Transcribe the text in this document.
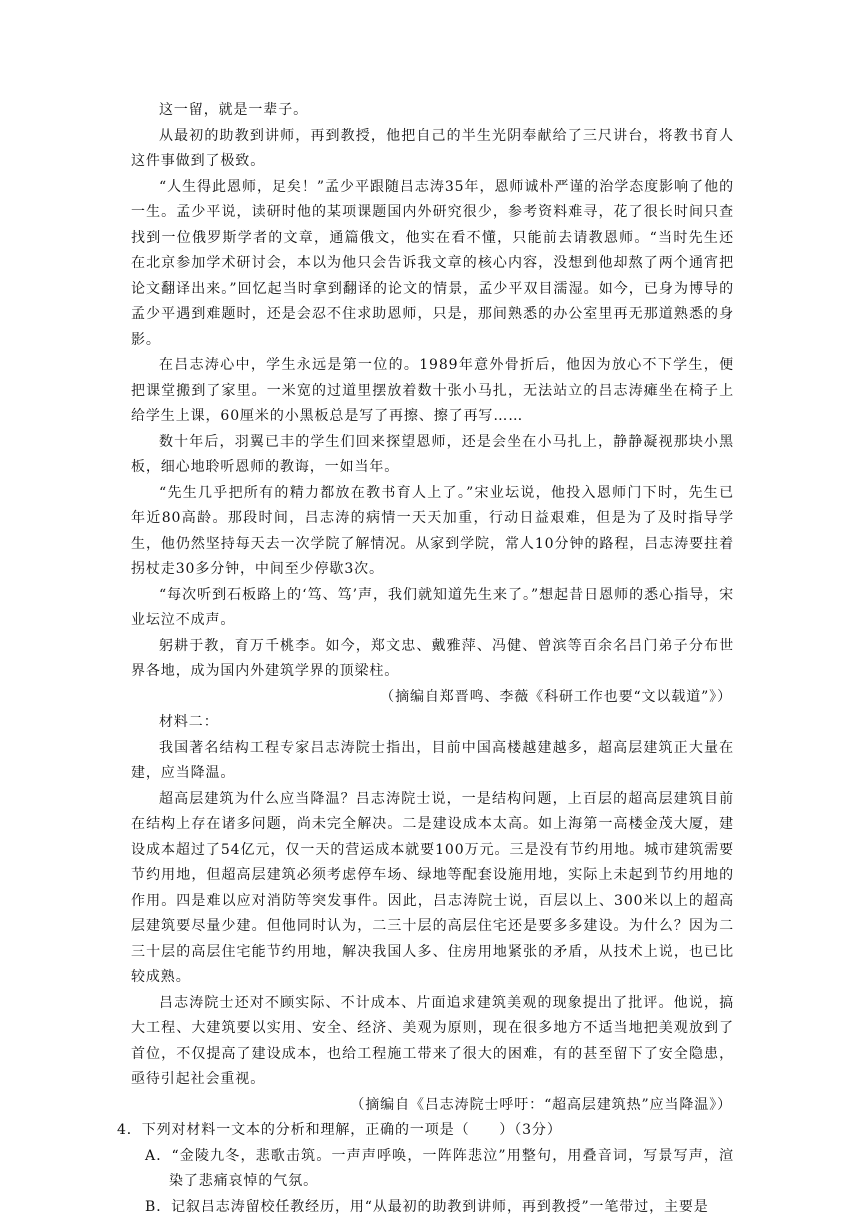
这一留，就是一辈子。

从最初的助教到讲师，再到教授，他把自己的半生光阴奉献给了三尺讲台，将教书育人这件事做到了极致。

“人生得此恩师，足矣！”孟少平跟随吕志涛35年，恩师诚朴严谨的治学态度影响了他的一生。孟少平说，读研时他的某项课题国内外研究很少，参考资料难寻，花了很长时间只查找到一位俄罗斯学者的文章，通篇俄文，他实在看不懂，只能前去请教恩师。“当时先生还在北京参加学术研讨会，本以为他只会告诉我文章的核心内容，没想到他却熬了两个通宵把论文翻译出来。”回忆起当时拿到翻译的论文的情景，孟少平双目濡湿。如今，已身为博导的孟少平遇到难题时，还是会忍不住求助恩师，只是，那间熟悉的办公室里再无那道熟悉的身影。

在吕志涛心中，学生永远是第一位的。1989年意外骨折后，他因为放心不下学生，便把课堂搬到了家里。一米宽的过道里摆放着数十张小马扎，无法站立的吕志涛瘫坐在椅子上给学生上课，60厘米的小黑板总是写了再擦、擦了再写……

数十年后，羽翼已丰的学生们回来探望恩师，还是会坐在小马扎上，静静凝视那块小黑板，细心地聆听恩师的教诲，一如当年。

“先生几乎把所有的精力都放在教书育人上了。”宋业坛说，他投入恩师门下时，先生已年近80高龄。那段时间，吕志涛的病情一天天加重，行动日益艰难，但是为了及时指导学生，他仍然坚持每天去一次学院了解情况。从家到学院，常人10分钟的路程，吕志涛要拄着拐杖走30多分钟，中间至少停歇3次。

“每次听到石板路上的‘笃、笃’声，我们就知道先生来了。”想起昔日恩师的悉心指导，宋业坛泣不成声。

躬耕于教，育万千桃李。如今，郑文忠、戴雅萍、冯健、曾滨等百余名吕门弟子分布世界各地，成为国内外建筑学界的顶梁柱。

（摘编自郑晋鸣、李薇《科研工作也要“文以载道”》）

材料二：

我国著名结构工程专家吕志涛院士指出，目前中国高楼越建越多，超高层建筑正大量在建，应当降温。

超高层建筑为什么应当降温？吕志涛院士说，一是结构问题，上百层的超高层建筑目前在结构上存在诸多问题，尚未完全解决。二是建设成本太高。如上海第一高楼金茂大厦，建设成本超过了54亿元，仅一天的营运成本就要100万元。三是没有节约用地。城市建筑需要节约用地，但超高层建筑必须考虑停车场、绿地等配套设施用地，实际上未起到节约用地的作用。四是难以应对消防等突发事件。因此，吕志涛院士说，百层以上、300米以上的超高层建筑要尽量少建。但他同时认为，二三十层的高层住宅还是要多多建设。为什么？因为二三十层的高层住宅能节约用地，解决我国人多、住房用地紧张的矛盾，从技术上说，也已比较成熟。

吕志涛院士还对不顾实际、不计成本、片面追求建筑美观的现象提出了批评。他说，搞大工程、大建筑要以实用、安全、经济、美观为原则，现在很多地方不适当地把美观放到了首位，不仅提高了建设成本，也给工程施工带来了很大的困难，有的甚至留下了安全隐患，亟待引起社会重视。

（摘编自《吕志涛院士呼吁：“超高层建筑热”应当降温》）

4．下列对材料一文本的分析和理解，正确的一项是（　　）（3分）

A．“金陵九冬，悲歌击筑。一声声呼唤，一阵阵悲泣”用整句，用叠音词，写景写声，渲染了悲痛哀悼的气氛。

B．记叙吕志涛留校任教经历，用“从最初的助教到讲师，再到教授”一笔带过，主要是
